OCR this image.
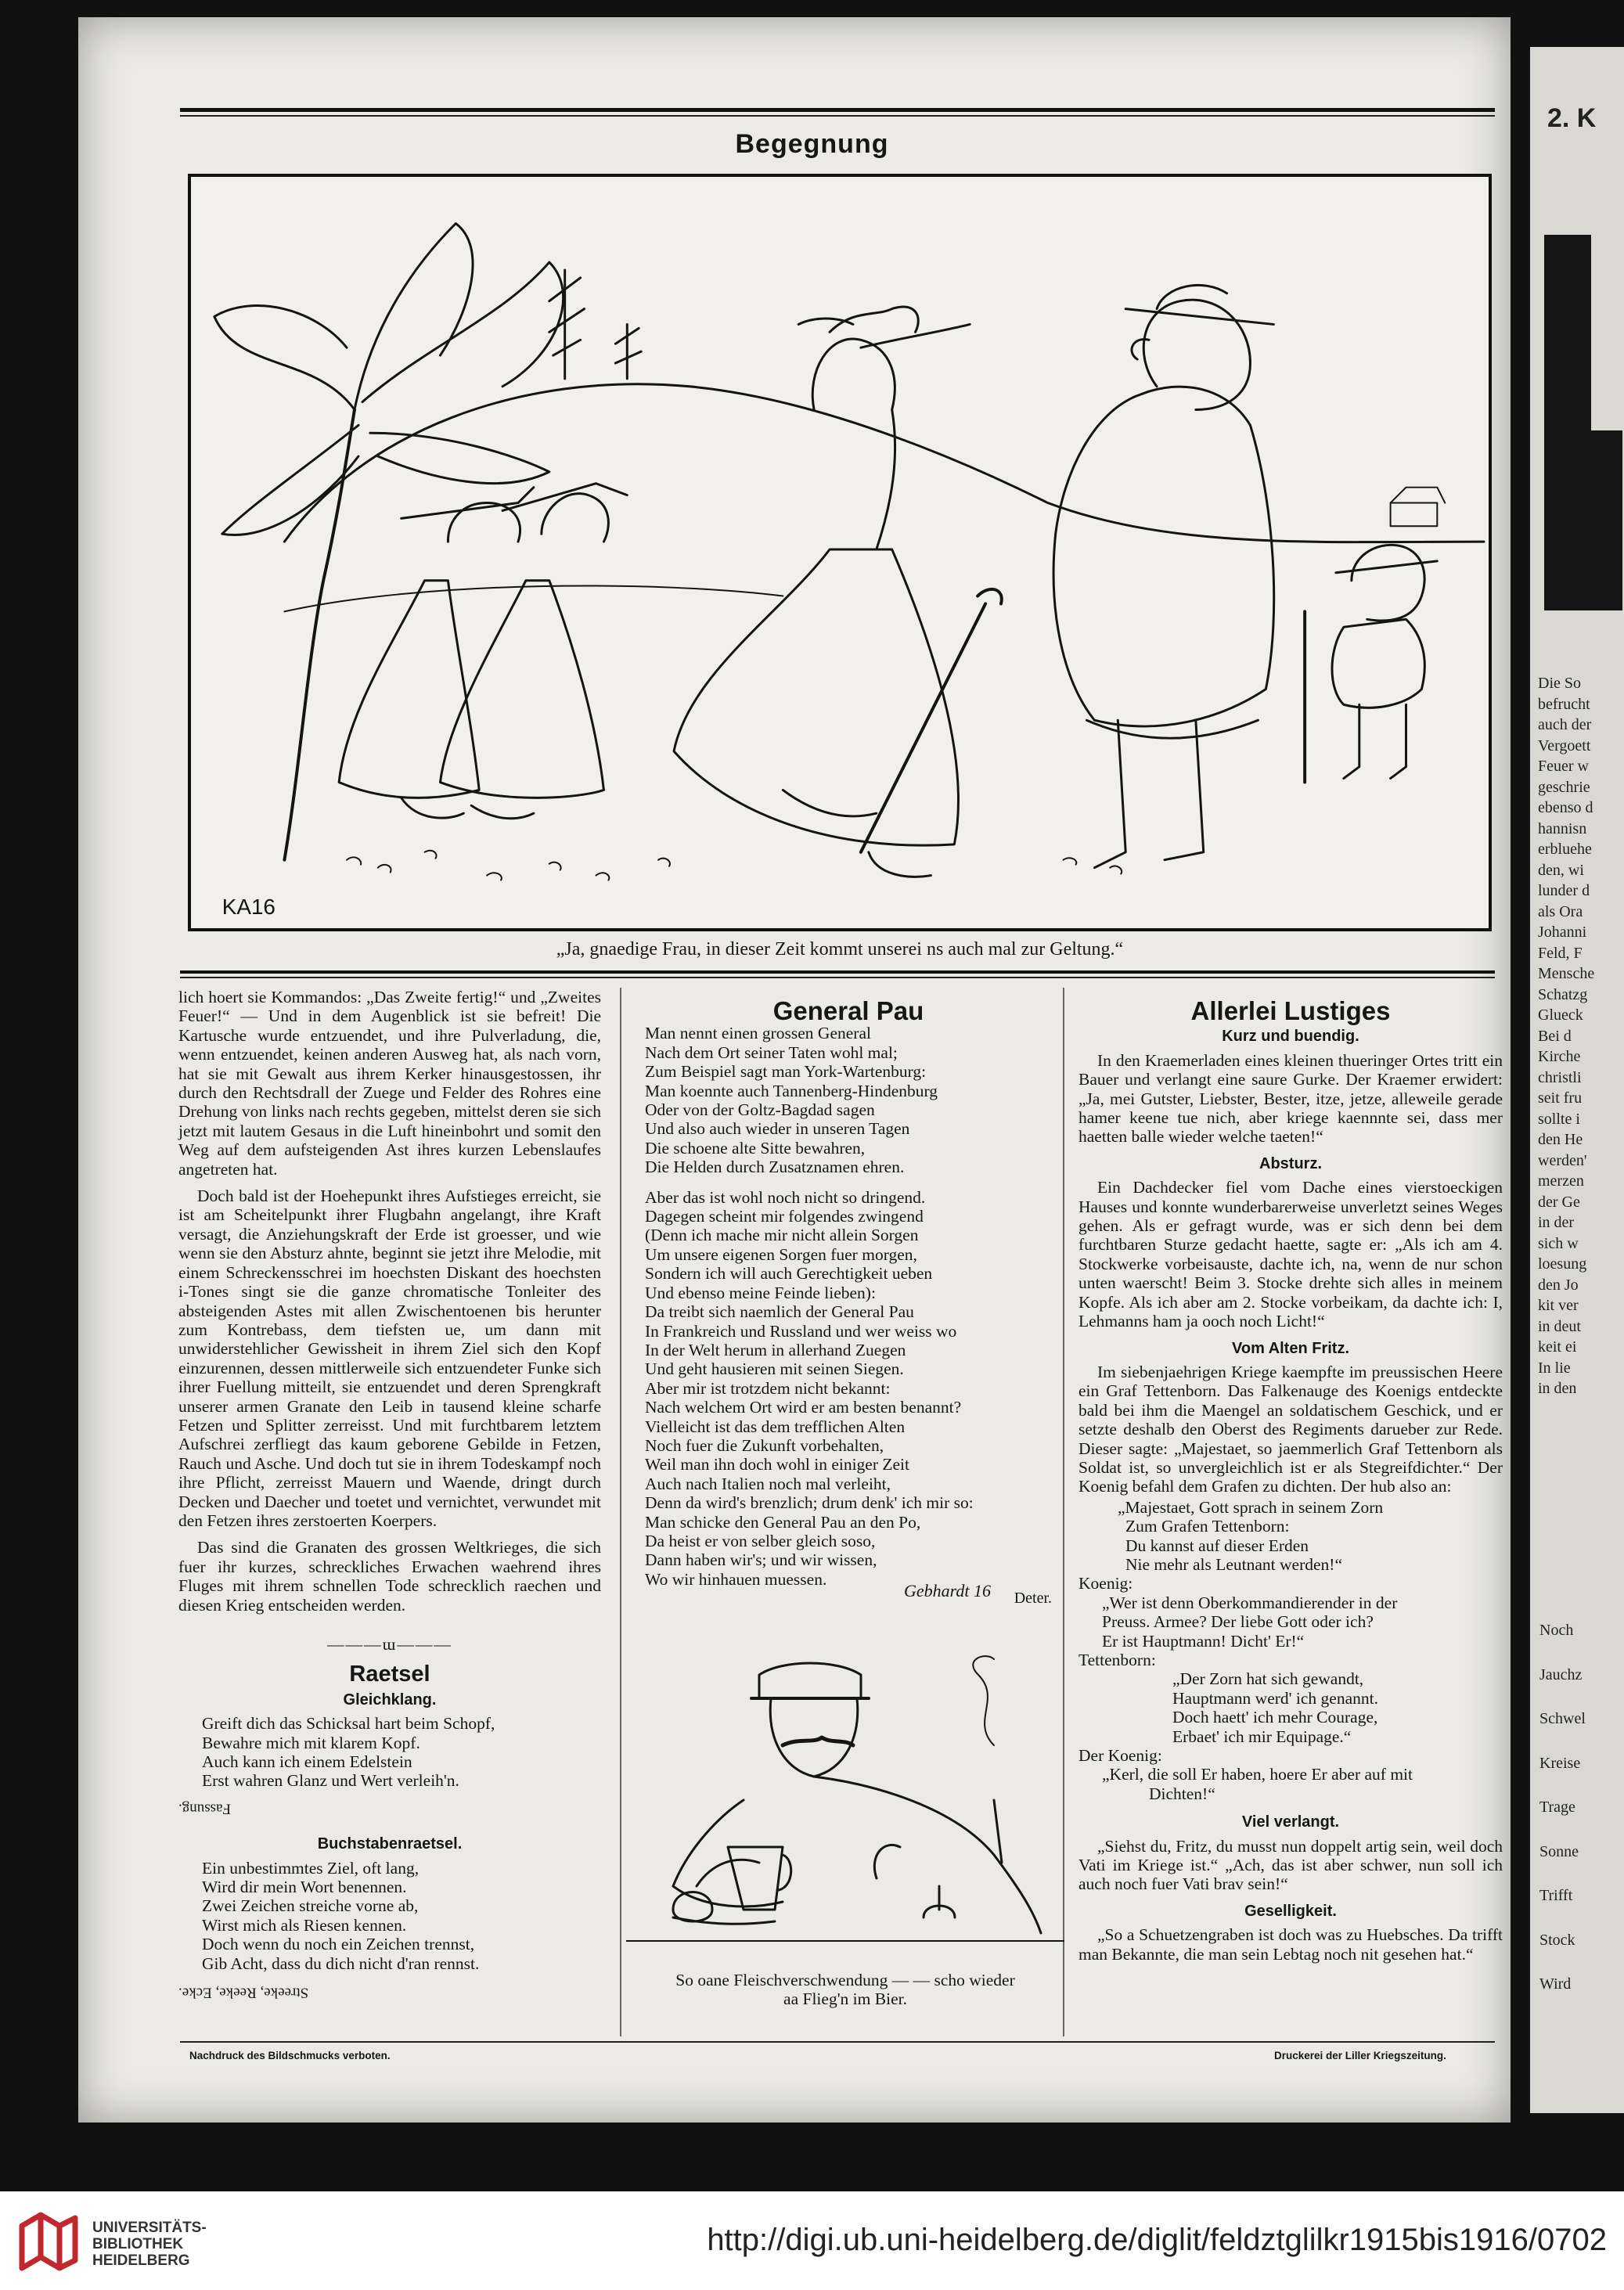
2. K
Die So
befrucht
auch der
Vergoett
Feuer w
geschrie
ebenso d
hannisn
erbluehe
den, wi
lunder d
als Ora
Johanni
Feld, F
Mensche
Schatzg
Glueck
Bei d
Kirche
christli
seit fru
sollte i
den He
werden'
merzen
der Ge
in der
sich w
loesung
den Jo
kit ver
in deut
keit ei
In lie
in den
Noch
Jauchz
Schwel
Kreise
Trage
Sonne
Trifft
Stock
Wird
Begegnung
KA16
„Ja, gnaedige Frau, in dieser Zeit kommt unserei ns auch mal zur Geltung.“

lich hoert sie Kommandos: „Das Zweite fertig!“ und „Zweites Feuer!“ — Und in dem Augenblick ist sie befreit! Die Kartusche wurde entzuendet, und ihre Pulverladung, die, wenn entzuendet, keinen anderen Ausweg hat, als nach vorn, hat sie mit Gewalt aus ihrem Kerker hinausgestossen, ihr durch den Rechtsdrall der Zuege und Felder des Rohres eine Drehung von links nach rechts gegeben, mittelst deren sie sich jetzt mit lautem Gesaus in die Luft hineinbohrt und somit den Weg auf dem aufsteigenden Ast ihres kurzen Lebenslaufes angetreten hat.

Doch bald ist der Hoehepunkt ihres Aufstieges erreicht, sie ist am Scheitelpunkt ihrer Flugbahn angelangt, ihre Kraft versagt, die Anziehungskraft der Erde ist groesser, und wie wenn sie den Absturz ahnte, beginnt sie jetzt ihre Melodie, mit einem Schreckensschrei im hoechsten Diskant des hoechsten i-Tones singt sie die ganze chromatische Tonleiter des absteigenden Astes mit allen Zwischentoenen bis herunter zum Kontrebass, dem tiefsten ue, um dann mit unwiderstehlicher Gewissheit in ihrem Ziel sich den Kopf einzurennen, dessen mittlerweile sich entzuendeter Funke sich ihrer Fuellung mitteilt, sie entzuendet und deren Sprengkraft unserer armen Granate den Leib in tausend kleine scharfe Fetzen und Splitter zerreisst. Und mit furchtbarem letztem Aufschrei zerfliegt das kaum geborene Gebilde in Fetzen, Rauch und Asche. Und doch tut sie in ihrem Todeskampf noch ihre Pflicht, zerreisst Mauern und Waende, dringt durch Decken und Daecher und toetet und vernichtet, verwundet mit den Fetzen ihres zerstoerten Koerpers.

Das sind die Granaten des grossen Weltkrieges, die sich fuer ihr kurzes, schreckliches Erwachen waehrend ihres Fluges mit ihrem schnellen Tode schrecklich raechen und diesen Krieg entscheiden werden.

———ɯ———
Raetsel
Gleichklang.
Greift dich das Schicksal hart beim Schopf,
Bewahre mich mit klarem Kopf.
Auch kann ich einem Edelstein
Erst wahren Glanz und Wert verleih'n.
Fassung.
Buchstabenraetsel.
Ein unbestimmtes Ziel, oft lang,
Wird dir mein Wort benennen.
Zwei Zeichen streiche vorne ab,
Wirst mich als Riesen kennen.
Doch wenn du noch ein Zeichen trennst,
Gib Acht, dass du dich nicht d'ran rennst.
Streeke, Reeke, Ecke.
General Pau
Man nennt einen grossen General
Nach dem Ort seiner Taten wohl mal;
Zum Beispiel sagt man York-Wartenburg:
Man koennte auch Tannenberg-Hindenburg
Oder von der Goltz-Bagdad sagen
Und also auch wieder in unseren Tagen
Die schoene alte Sitte bewahren,
Die Helden durch Zusatznamen ehren.
Aber das ist wohl noch nicht so dringend.
Dagegen scheint mir folgendes zwingend
(Denn ich mache mir nicht allein Sorgen
Um unsere eigenen Sorgen fuer morgen,
Sondern ich will auch Gerechtigkeit ueben
Und ebenso meine Feinde lieben):
Da treibt sich naemlich der General Pau
In Frankreich und Russland und wer weiss wo
In der Welt herum in allerhand Zuegen
Und geht hausieren mit seinen Siegen.
Aber mir ist trotzdem nicht bekannt:
Nach welchem Ort wird er am besten benannt?
Vielleicht ist das dem trefflichen Alten
Noch fuer die Zukunft vorbehalten,
Weil man ihn doch wohl in einiger Zeit
Auch nach Italien noch mal verleiht,
Denn da wird's brenzlich; drum denk' ich mir so:
Man schicke den General Pau an den Po,
Da heist er von selber gleich soso,
Dann haben wir's; und wir wissen,
Wo wir hinhauen muessen.
Deter.
Gebhardt 16
So oane Fleischverschwendung — — scho wieder
aa Flieg'n im Bier.
Allerlei Lustiges
Kurz und buendig.

In den Kraemerladen eines kleinen thueringer Ortes tritt ein Bauer und verlangt eine saure Gurke. Der Kraemer erwidert: „Ja, mei Gutster, Liebster, Bester, itze, jetze, alleweile gerade hamer keene tue nich, aber kriege kaennnte sei, dass mer haetten balle wieder welche taeten!“

Absturz.

Ein Dachdecker fiel vom Dache eines vierstoeckigen Hauses und konnte wunderbarerweise unverletzt seines Weges gehen. Als er gefragt wurde, was er sich denn bei dem furchtbaren Sturze gedacht haette, sagte er: „Als ich am 4. Stockwerke vorbeisauste, dachte ich, na, wenn de nur schon unten waerscht! Beim 3. Stocke drehte sich alles in meinem Kopfe. Als ich aber am 2. Stocke vorbeikam, da dachte ich: I, Lehmanns ham ja ooch noch Licht!“

Vom Alten Fritz.

Im siebenjaehrigen Kriege kaempfte im preussischen Heere ein Graf Tettenborn. Das Falkenauge des Koenigs entdeckte bald bei ihm die Maengel an soldatischem Geschick, und er setzte deshalb den Oberst des Regiments darueber zur Rede. Dieser sagte: „Majestaet, so jaemmerlich Graf Tettenborn als Soldat ist, so unvergleichlich ist er als Stegreifdichter.“ Der Koenig befahl dem Grafen zu dichten. Der hub also an:

„Majestaet, Gott sprach in seinem Zorn
Zum Grafen Tettenborn:
Du kannst auf dieser Erden
Nie mehr als Leutnant werden!“
Koenig:
„Wer ist denn Oberkommandierender in der
Preuss. Armee? Der liebe Gott oder ich?
Er ist Hauptmann! Dicht' Er!“
Tettenborn:
„Der Zorn hat sich gewandt,
Hauptmann werd' ich genannt.
Doch haett' ich mehr Courage,
Erbaet' ich mir Equipage.“
Der Koenig:
„Kerl, die soll Er haben, hoere Er aber auf mit
Dichten!“
Viel verlangt.

„Siehst du, Fritz, du musst nun doppelt artig sein, weil doch Vati im Kriege ist.“ „Ach, das ist aber schwer, nun soll ich auch noch fuer Vati brav sein!“

Geselligkeit.

„So a Schuetzengraben ist doch was zu Huebsches. Da trifft man Bekannte, die man sein Lebtag noch nit gesehen hat.“

Nachdruck des Bildschmucks verboten.	Druckerei der Liller Kriegszeitung.
UNIVERSITÄTS-
BIBLIOTHEK
HEIDELBERG
http://digi.ub.uni-heidelberg.de/diglit/feldztglilkr1915bis1916/0702
